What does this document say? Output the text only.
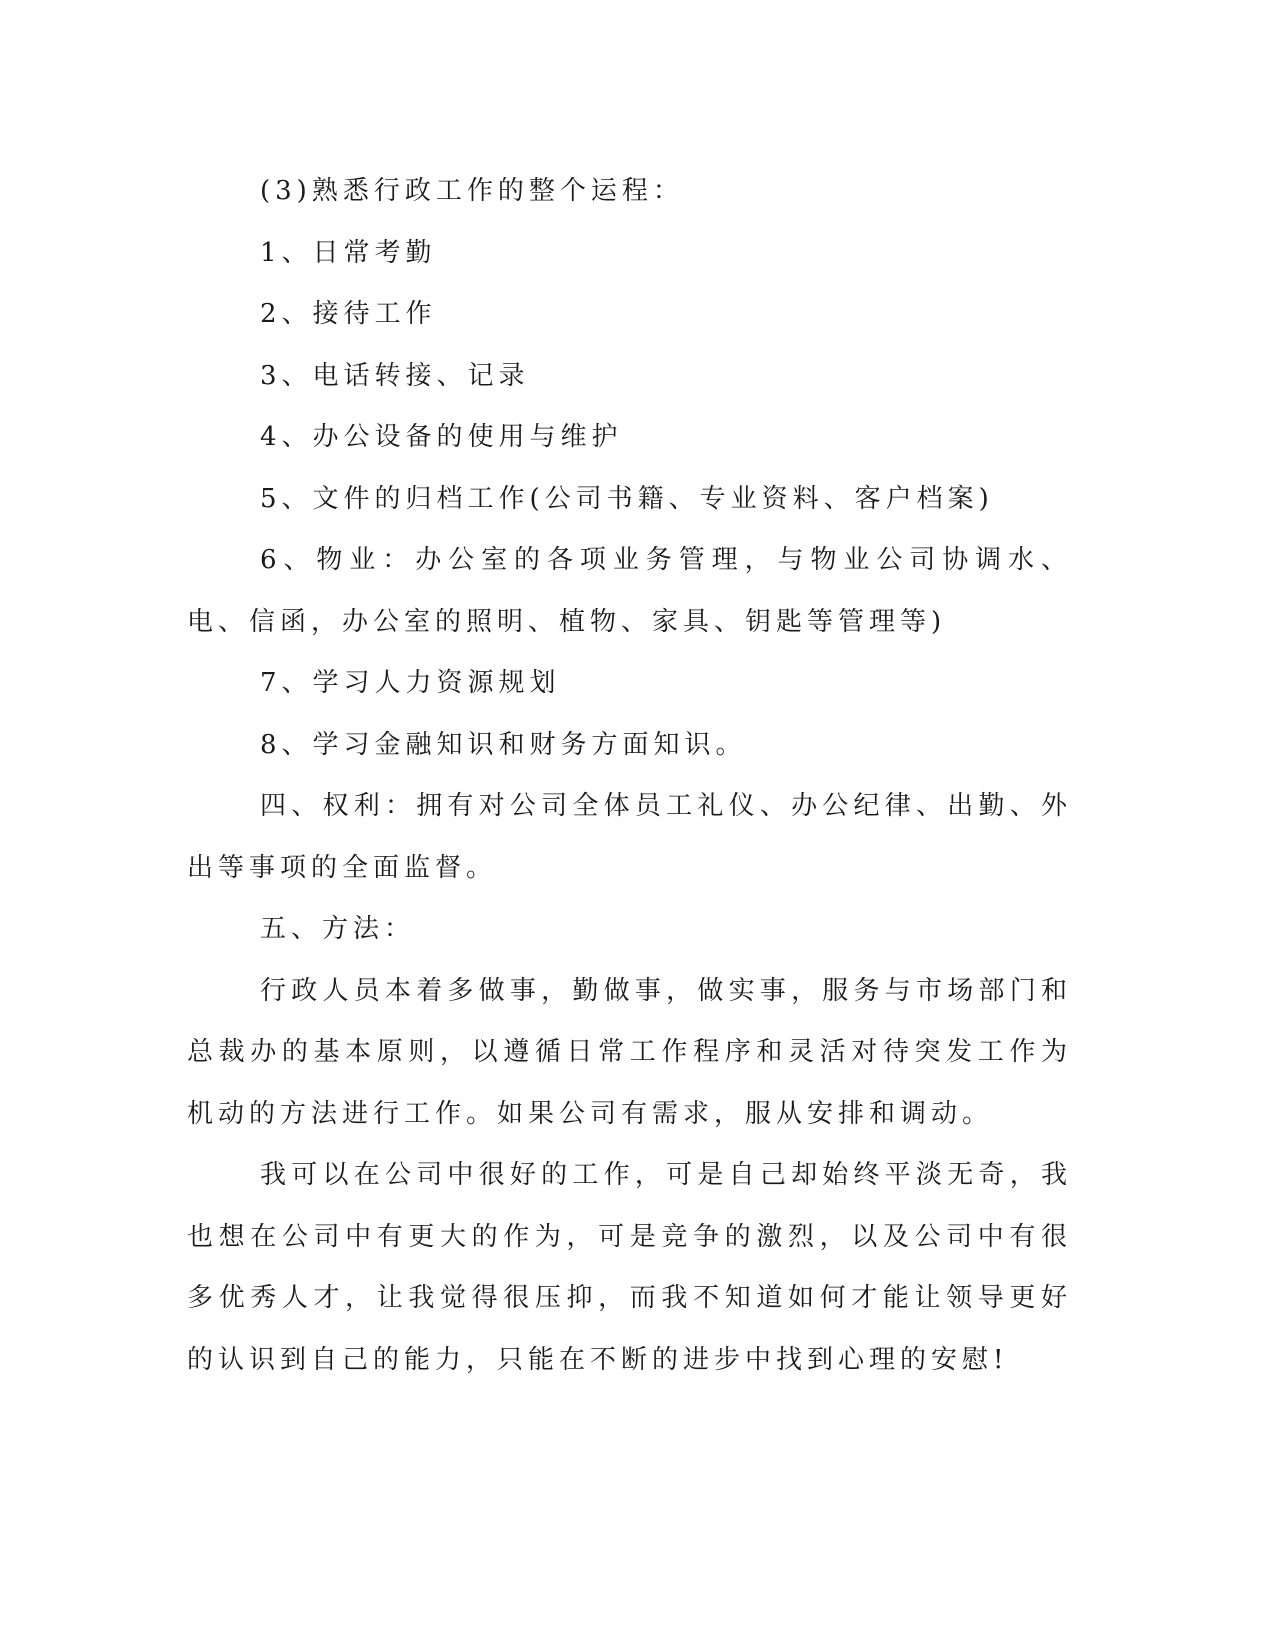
(3)熟悉行政工作的整个运程：

1、日常考勤

2、接待工作

3、电话转接、记录

4、办公设备的使用与维护

5、文件的归档工作(公司书籍、专业资料、客户档案)

6、物业：办公室的各项业务管理，与物业公司协调水、电、信函，办公室的照明、植物、家具、钥匙等管理等)

7、学习人力资源规划

8、学习金融知识和财务方面知识。

四、权利：拥有对公司全体员工礼仪、办公纪律、出勤、外出等事项的全面监督。

五、方法：

行政人员本着多做事，勤做事，做实事，服务与市场部门和总裁办的基本原则，以遵循日常工作程序和灵活对待突发工作为机动的方法进行工作。如果公司有需求，服从安排和调动。

我可以在公司中很好的工作，可是自己却始终平淡无奇，我也想在公司中有更大的作为，可是竞争的激烈，以及公司中有很多优秀人才，让我觉得很压抑，而我不知道如何才能让领导更好的认识到自己的能力，只能在不断的进步中找到心理的安慰!
